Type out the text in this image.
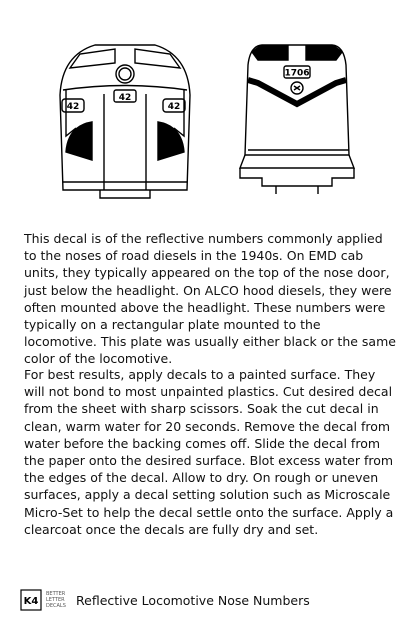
42
42	42
1706

This decal is of the reflective numbers commonly applied to the noses of road diesels in the 1940s. On EMD cab units, they typically appeared on the top of the nose door, just below the headlight. On ALCO hood diesels, they were often mounted above the headlight. These numbers were typically on a rectangular plate mounted to the locomotive. This plate was usually either black or the same color of the locomotive.

For best results, apply decals to a painted surface. They will not bond to most unpainted plastics. Cut desired decal from the sheet with sharp scissors. Soak the cut decal in clean, warm water for 20 seconds. Remove the decal from water before the backing comes off. Slide the decal from the paper onto the desired surface. Blot excess water from the edges of the decal. Allow to dry. On rough or uneven surfaces, apply a decal setting solution such as Microscale Micro-Set to help the decal settle onto the surface. Apply a clearcoat once the decals are fully dry and set.

K4
BETTER
LETTER
DECALS Reflective Locomotive Nose Numbers
